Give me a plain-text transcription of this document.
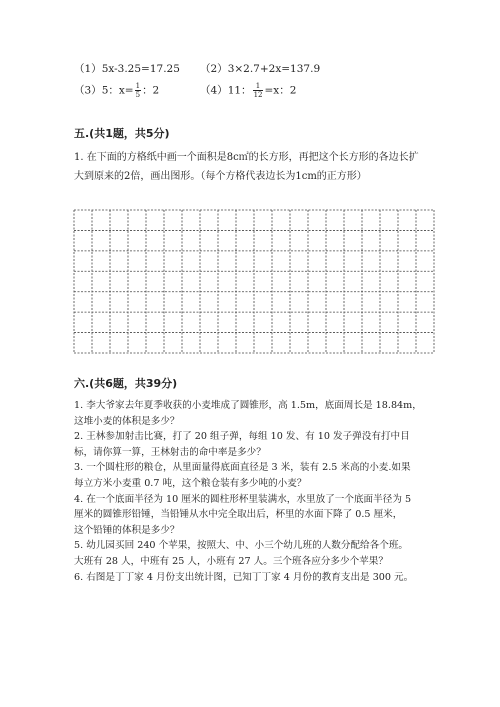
（1）5x-3.25=17.25 （2）3×2.7+2x=137.9
（3）5：$x= \frac{1}{5}$ ：2	（4）11： $\frac{1}{12} =x$：2
五.(共1题，共5分)
1. 在下面的方格纸中画一个面积是8c㎡的长方形，再把这个长方形的各边长扩
大到原来的2倍，画出图形。（每个方格代表边长为1cm的正方形）
六.(共6题，共39分)
1. 李大爷家去年夏季收获的小麦堆成了圆锥形，高 1.5m，底面周长是 18.84m，
这堆小麦的体积是多少？
2. 王林参加射击比赛，打了 20 组子弹，每组 10 发、有 10 发子弹没有打中目
标，请你算一算，王林射击的命中率是多少？
3. 一个圆柱形的粮仓，从里面量得底面直径是 3 米，装有 2.5 米高的小麦.如果
每立方米小麦重 0.7 吨，这个粮仓装有多少吨的小麦？
4. 在一个底面半径为 10 厘米的圆柱形杯里装满水，水里放了一个底面半径为 5
厘米的圆锥形铅锤，当铅锤从水中完全取出后，杯里的水面下降了 0.5 厘米，
这个铅锤的体积是多少？
5. 幼儿园买回 240 个苹果，按照大、中、小三个幼儿班的人数分配给各个班。
大班有 28 人，中班有 25 人，小班有 27 人。三个班各应分多少个苹果？
6. 右图是丁丁家 4 月份支出统计图，已知丁丁家 4 月份的教育支出是 300 元。
